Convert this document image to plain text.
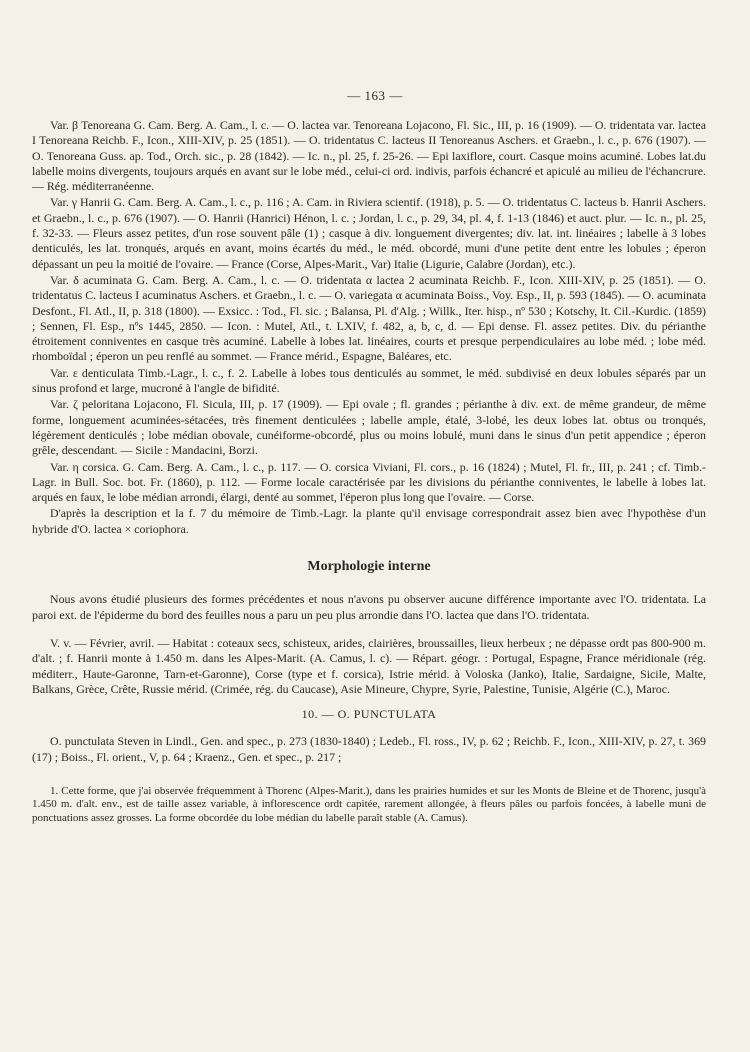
— 163 —

Var. β Tenoreana G. Cam. Berg. A. Cam., l. c. — O. lactea var. Tenoreana Lojacono, Fl. Sic., III, p. 16 (1909). — O. tridentata var. lactea I Tenoreana Reichb. F., Icon., XIII-XIV, p. 25 (1851). — O. tridentatus C. lacteus II Tenoreanus Aschers. et Graebn., l. c., p. 676 (1907). — O. Tenoreana Guss. ap. Tod., Orch. sic., p. 28 (1842). — Ic. n., pl. 25, f. 25-26. — Epi laxiflore, court. Casque moins acuminé. Lobes lat.du labelle moins divergents, toujours arqués en avant sur le lobe méd., celui-ci ord. indivis, parfois échancré et apiculé au milieu de l'échancrure. — Rég. méditerranéenne.

Var. γ Hanrii G. Cam. Berg. A. Cam., l. c., p. 116 ; A. Cam. in Riviera scientif. (1918), p. 5. — O. tridentatus C. lacteus b. Hanrii Aschers. et Graebn., l. c., p. 676 (1907). — O. Hanrii (Hanrici) Hénon, l. c. ; Jordan, l. c., p. 29, 34, pl. 4, f. 1-13 (1846) et auct. plur. — Ic. n., pl. 25, f. 32-33. — Fleurs assez petites, d'un rose souvent pâle (1) ; casque à div. longuement divergentes; div. lat. int. linéaires ; labelle à 3 lobes denticulés, les lat. tronqués, arqués en avant, moins écartés du méd., le méd. obcordé, muni d'une petite dent entre les lobules ; éperon dépassant un peu la moitié de l'ovaire. — France (Corse, Alpes-Marit., Var) Italie (Ligurie, Calabre (Jordan), etc.).

Var. δ acuminata G. Cam. Berg. A. Cam., l. c. — O. tridentata α lactea 2 acuminata Reichb. F., Icon. XIII-XIV, p. 25 (1851). — O. tridentatus C. lacteus I acuminatus Aschers. et Graebn., l. c. — O. variegata α acuminata Boiss., Voy. Esp., II, p. 593 (1845). — O. acuminata Desfont., Fl. Atl., II, p. 318 (1800). — Exsicc. : Tod., Fl. sic. ; Balansa, Pl. d'Alg. ; Willk., Iter. hisp., nº 530 ; Kotschy, It. Cil.-Kurdic. (1859) ; Sennen, Fl. Esp., nºs 1445, 2850. — Icon. : Mutel, Atl., t. LXIV, f. 482, a, b, c, d. — Epi dense. Fl. assez petites. Div. du périanthe étroitement conniventes en casque très acuminé. Labelle à lobes lat. linéaires, courts et presque perpendiculaires au lobe méd. ; lobe méd. rhomboïdal ; éperon un peu renflé au sommet. — France mérid., Espagne, Baléares, etc.

Var. ε denticulata Timb.-Lagr., l. c., f. 2. Labelle à lobes tous denticulés au sommet, le méd. subdivisé en deux lobules séparés par un sinus profond et large, mucroné à l'angle de bifidité.

Var. ζ peloritana Lojacono, Fl. Sicula, III, p. 17 (1909). — Epi ovale ; fl. grandes ; périanthe à div. ext. de même grandeur, de même forme, longuement acuminées-sétacées, très finement denticulées ; labelle ample, étalé, 3-lobé, les deux lobes lat. obtus ou tronqués, légèrement denticulés ; lobe médian obovale, cunéiforme-obcordé, plus ou moins lobulé, muni dans le sinus d'un petit appendice ; éperon grêle, descendant. — Sicile : Mandacini, Borzi.

Var. η corsica. G. Cam. Berg. A. Cam., l. c., p. 117. — O. corsica Viviani, Fl. cors., p. 16 (1824) ; Mutel, Fl. fr., III, p. 241 ; cf. Timb.-Lagr. in Bull. Soc. bot. Fr. (1860), p. 112. — Forme locale caractérisée par les divisions du périanthe conniventes, le labelle à lobes lat. arqués en faux, le lobe médian arrondi, élargi, denté au sommet, l'éperon plus long que l'ovaire. — Corse.

D'après la description et la f. 7 du mémoire de Timb.-Lagr. la plante qu'il envisage correspondrait assez bien avec l'hypothèse d'un hybride d'O. lactea × coriophora.

Morphologie interne

Nous avons étudié plusieurs des formes précédentes et nous n'avons pu observer aucune différence importante avec l'O. tridentata. La paroi ext. de l'épiderme du bord des feuilles nous a paru un peu plus arrondie dans l'O. lactea que dans l'O. tridentata.

V. v. — Février, avril. — Habitat : coteaux secs, schisteux, arides, clairières, broussailles, lieux herbeux ; ne dépasse ordt pas 800-900 m. d'alt. ; f. Hanrii monte à 1.450 m. dans les Alpes-Marit. (A. Camus, l. c). — Répart. géogr. : Portugal, Espagne, France méridionale (rég. méditerr., Haute-Garonne, Tarn-et-Garonne), Corse (type et f. corsica), Istrie mérid. à Voloska (Janko), Italie, Sardaigne, Sicile, Malte, Balkans, Grèce, Crête, Russie mérid. (Crimée, rég. du Caucase), Asie Mineure, Chypre, Syrie, Palestine, Tunisie, Algérie (C.), Maroc.

10. — O. PUNCTULATA

O. punctulata Steven in Lindl., Gen. and spec., p. 273 (1830-1840) ; Ledeb., Fl. ross., IV, p. 62 ; Reichb. F., Icon., XIII-XIV, p. 27, t. 369 (17) ; Boiss., Fl. orient., V, p. 64 ; Kraenz., Gen. et spec., p. 217 ;

1. Cette forme, que j'ai observée fréquemment à Thorenc (Alpes-Marit.), dans les prairies humides et sur les Monts de Bleine et de Thorenc, jusqu'à 1.450 m. d'alt. env., est de taille assez variable, à inflorescence ordt capitée, rarement allongée, à fleurs pâles ou parfois foncées, à labelle muni de ponctuations assez grosses. La forme obcordée du lobe médian du labelle paraît stable (A. Camus).
